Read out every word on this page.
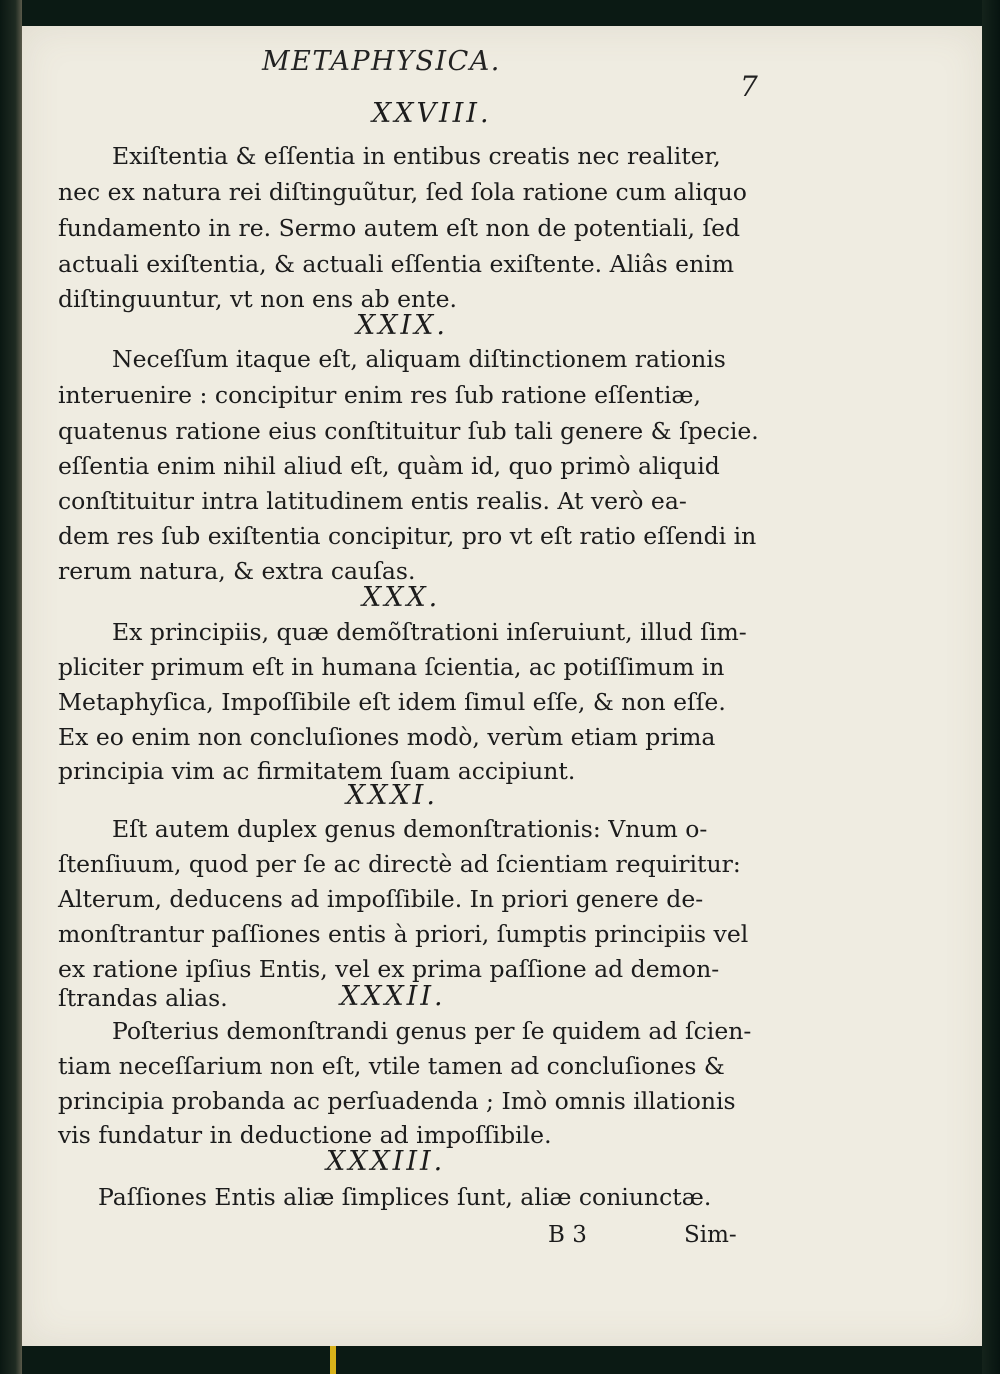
METAPHYSICA.
7
XXVIII.
Exiſtentia & eſſentia in entibus creatis nec realiter,
nec ex natura rei diſtinguũtur, ſed ſola ratione cum aliquo
fundamento in re. Sermo autem eſt non de potentiali, ſed
actuali exiſtentia, & actuali eſſentia exiſtente. Aliâs enim
diſtinguuntur, vt non ens ab ente.
XXIX.
Neceſſum itaque eſt, aliquam diſtinctionem rationis
interuenire : concipitur enim res ſub ratione eſſentiæ,
quatenus ratione eius conſtituitur ſub tali genere & ſpecie.
eſſentia enim nihil aliud eſt, quàm id, quo primò aliquid
conſtituitur intra latitudinem entis realis. At verò ea-
dem res ſub exiſtentia concipitur, pro vt eſt ratio eſſendi in
rerum natura, & extra cauſas.
XXX.
Ex principiis, quæ demõſtrationi inſeruiunt, illud ſim-
pliciter primum eſt in humana ſcientia, ac potiſſimum in
Metaphyſica, Impoſſibile eſt idem ſimul eſſe, & non eſſe.
Ex eo enim non concluſiones modò, verùm etiam prima
principia vim ac firmitatem ſuam accipiunt.
XXXI.
Eſt autem duplex genus demonſtrationis: Vnum o-
ſtenſiuum, quod per ſe ac directè ad ſcientiam requiritur:
Alterum, deducens ad impoſſibile. In priori genere de-
monſtrantur paſſiones entis à priori, ſumptis principiis vel
ex ratione ipſius Entis, vel ex prima paſſione ad demon-
ſtrandas alias.	XXXII.
Poſterius demonſtrandi genus per ſe quidem ad ſcien-
tiam neceſſarium non eſt, vtile tamen ad concluſiones &
principia probanda ac perſuadenda ; Imò omnis illationis
vis fundatur in deductione ad impoſſibile.
XXXIII.
Paſſiones Entis aliæ ſimplices ſunt, aliæ coniunctæ.
B 3	Sim-
